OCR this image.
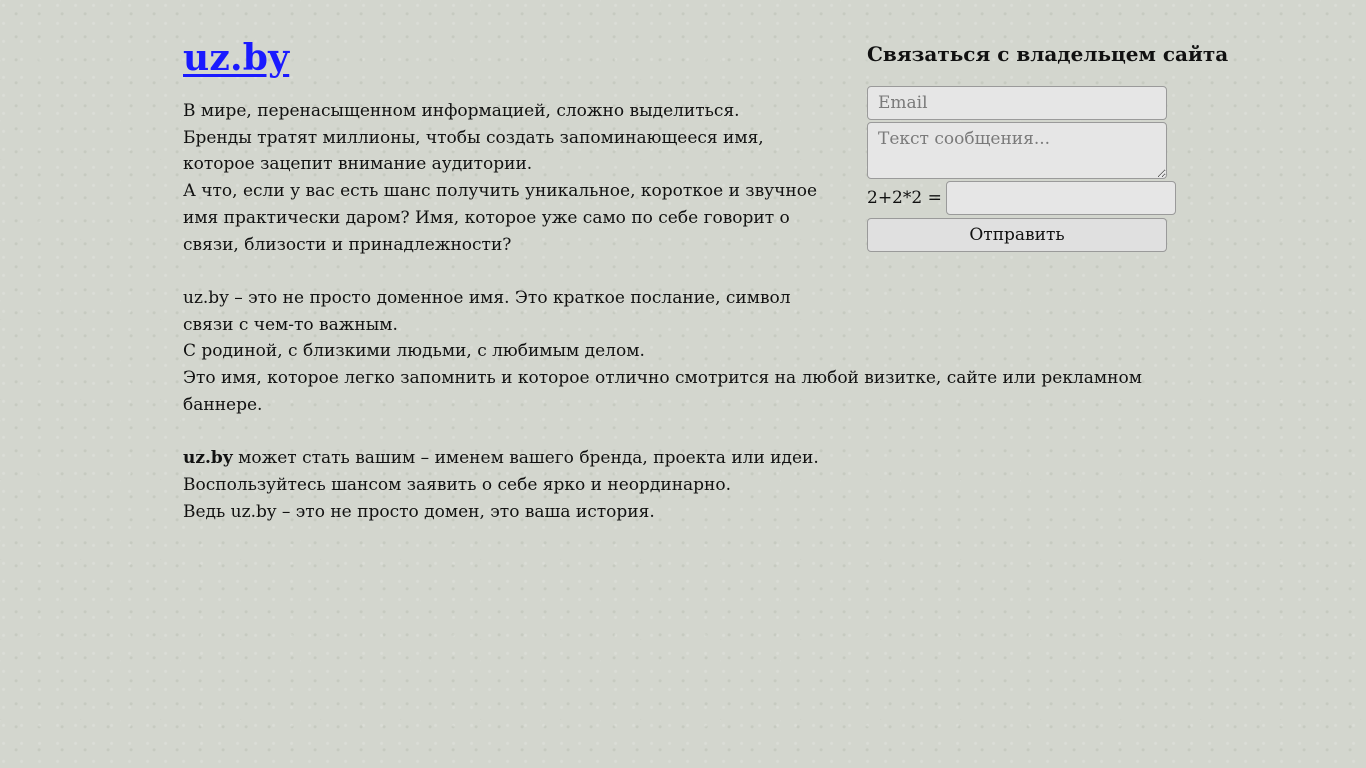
uz.by

В мире, перенасыщенном информацией, сложно выделиться.

Бренды тратят миллионы, чтобы создать запоминающееся имя, которое зацепит внимание аудитории.

А что, если у вас есть шанс получить уникальное, короткое и звучное имя практически даром? Имя, которое уже само по себе говорит о связи, близости и принадлежности?

uz.by – это не просто доменное имя. Это краткое послание, символ связи с чем-то важным.

С родиной, с близкими людьми, с любимым делом.

Это имя, которое легко запомнить и которое отлично смотрится на любой визитке, сайте или рекламном баннере.

uz.by может стать вашим – именем вашего бренда, проекта или идеи.

Воспользуйтесь шансом заявить о себе ярко и неординарно.

Ведь uz.by – это не просто домен, это ваша история.

Связаться с владельцем сайта
Email
Текст сообщения...
2+2*2 =
Отправить
